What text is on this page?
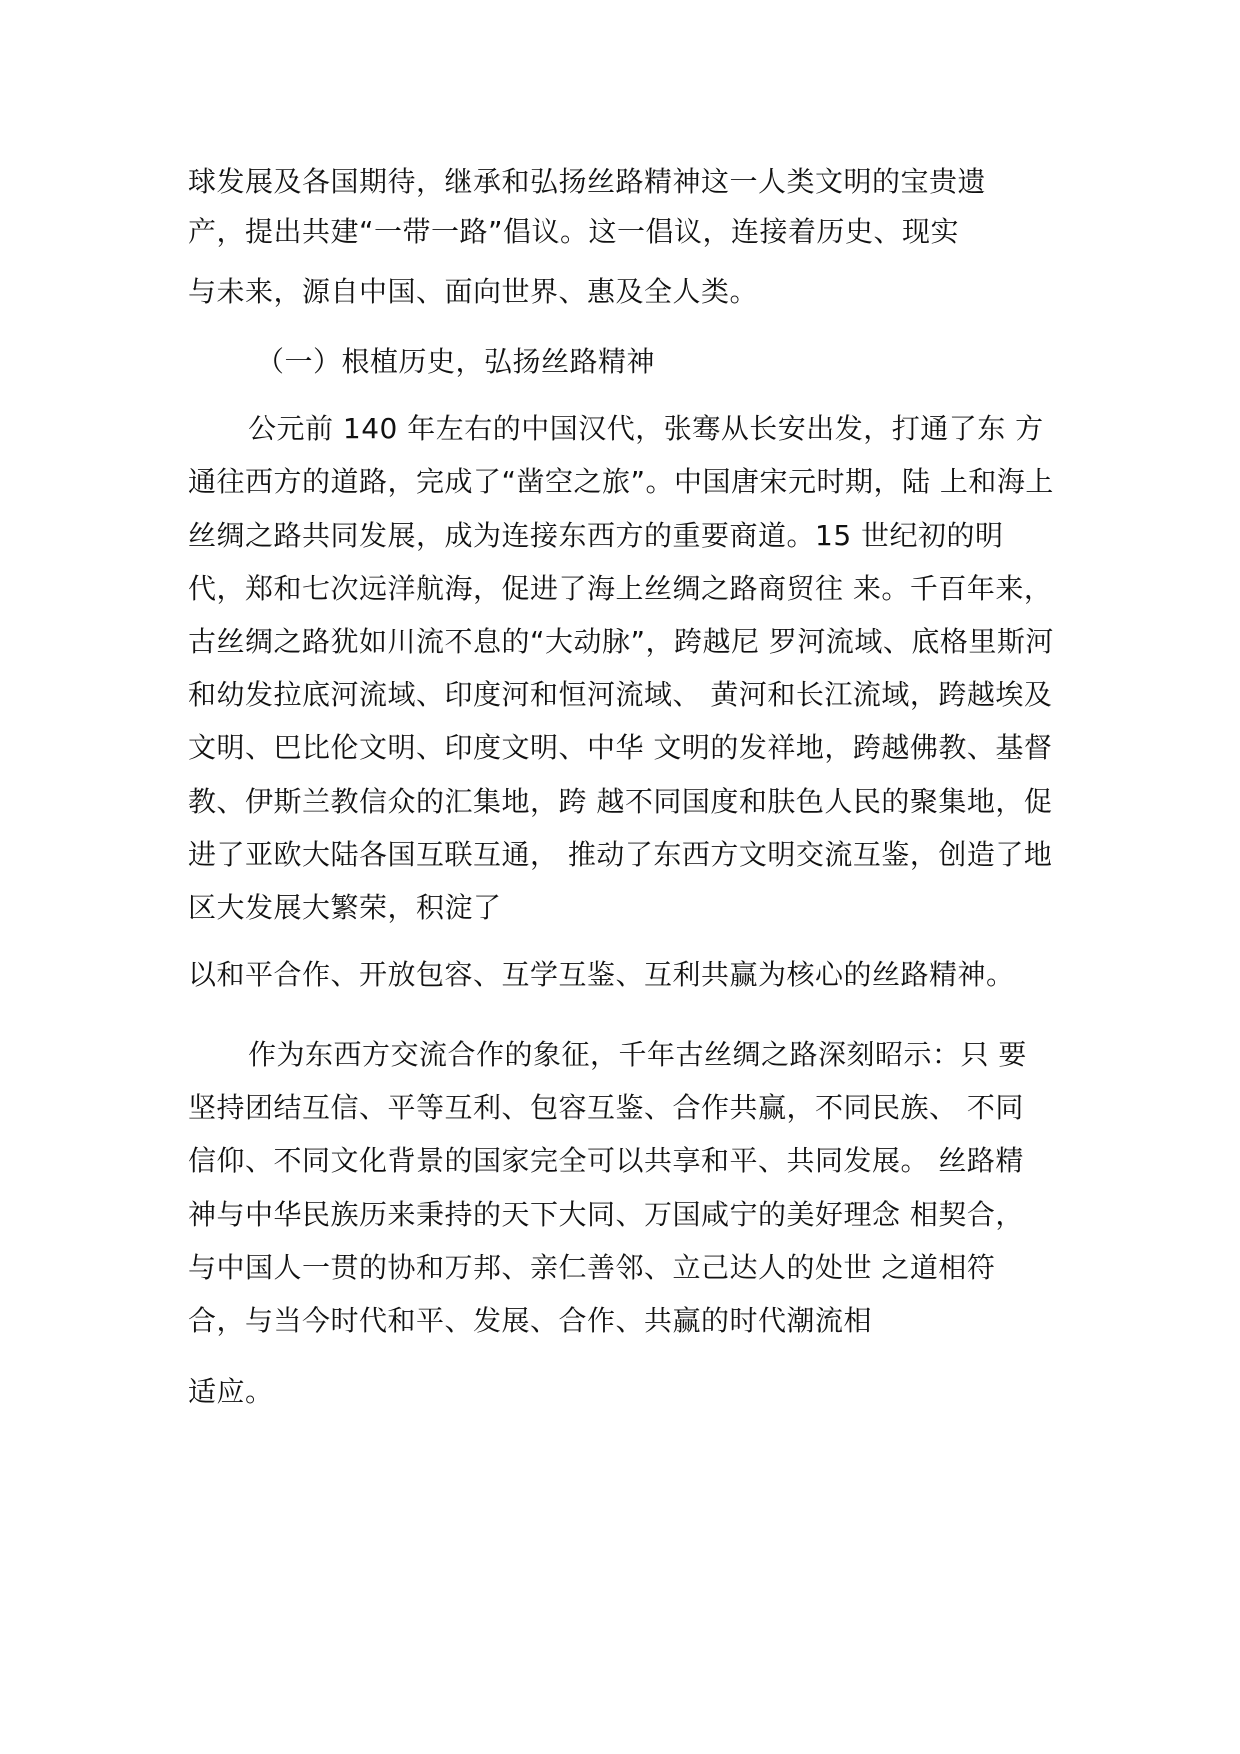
球发展及各国期待，继承和弘扬丝路精神这一人类文明的宝贵遗
产，提出共建“一带一路”倡议。这一倡议，连接着历史、现实
与未来，源自中国、面向世界、惠及全人类。
（一）根植历史，弘扬丝路精神
公元前 140 年左右的中国汉代，张骞从长安出发，打通了东 方
通往西方的道路，完成了“凿空之旅”。中国唐宋元时期，陆 上和海上
丝绸之路共同发展，成为连接东西方的重要商道。15 世纪初的明
代，郑和七次远洋航海，促进了海上丝绸之路商贸往 来。千百年来，
古丝绸之路犹如川流不息的“大动脉”，跨越尼 罗河流域、底格里斯河
和幼发拉底河流域、印度河和恒河流域、 黄河和长江流域，跨越埃及
文明、巴比伦文明、印度文明、中华 文明的发祥地，跨越佛教、基督
教、伊斯兰教信众的汇集地，跨 越不同国度和肤色人民的聚集地，促
进了亚欧大陆各国互联互通， 推动了东西方文明交流互鉴，创造了地
区大发展大繁荣，积淀了
以和平合作、开放包容、互学互鉴、互利共赢为核心的丝路精神。
作为东西方交流合作的象征，千年古丝绸之路深刻昭示：只 要
坚持团结互信、平等互利、包容互鉴、合作共赢，不同民族、 不同
信仰、不同文化背景的国家完全可以共享和平、共同发展。 丝路精
神与中华民族历来秉持的天下大同、万国咸宁的美好理念 相契合，
与中国人一贯的协和万邦、亲仁善邻、立己达人的处世 之道相符
合，与当今时代和平、发展、合作、共赢的时代潮流相
适应。
